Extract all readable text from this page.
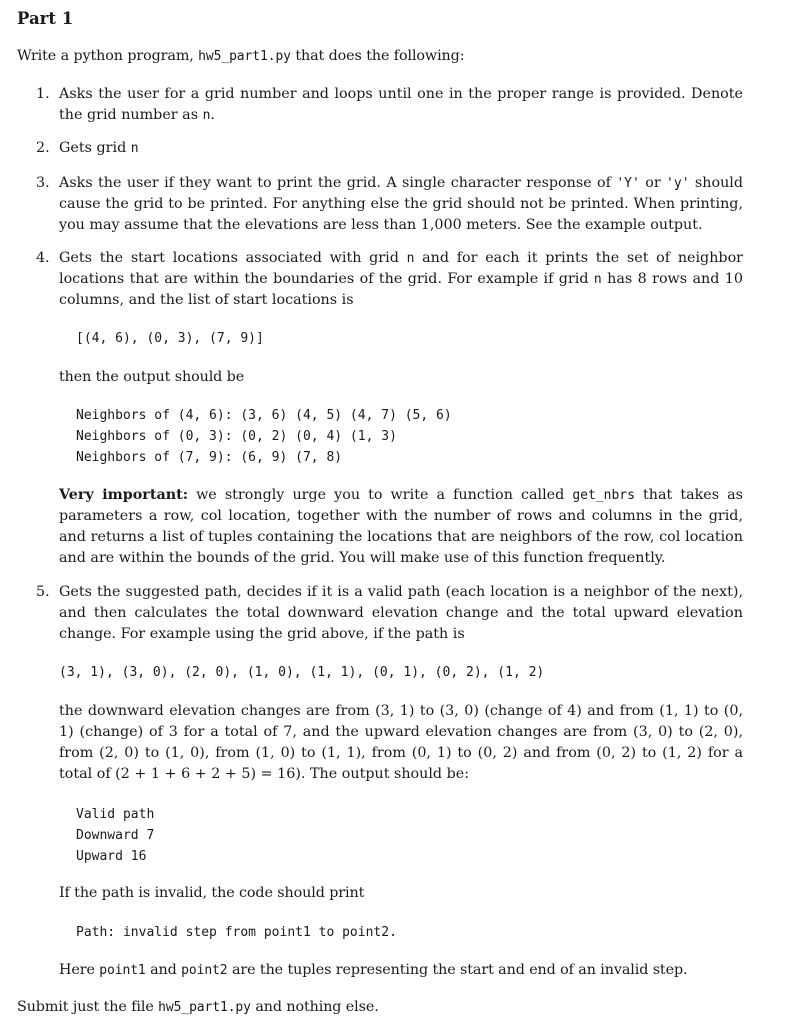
Part 1

Write a python program, hw5_part1.py that does the following:

1. Asks the user for a grid number and loops until one in the proper range is provided. Denote the grid number as n.

2. Gets grid n

3. Asks the user if they want to print the grid. A single character response of 'Y' or 'y' should cause the grid to be printed. For anything else the grid should not be printed. When printing, you may assume that the elevations are less than 1,000 meters. See the example output.

4. Gets the start locations associated with grid n and for each it prints the set of neighbor locations that are within the boundaries of the grid. For example if grid n has 8 rows and 10 columns, and the list of start locations is

[(4, 6), (0, 3), (7, 9)]

then the output should be

Neighbors of (4, 6): (3, 6) (4, 5) (4, 7) (5, 6)

Neighbors of (0, 3): (0, 2) (0, 4) (1, 3)

Neighbors of (7, 9): (6, 9) (7, 8)

Very important: we strongly urge you to write a function called get_nbrs that takes as parameters a row, col location, together with the number of rows and columns in the grid, and returns a list of tuples containing the locations that are neighbors of the row, col location and are within the bounds of the grid. You will make use of this function frequently.

5. Gets the suggested path, decides if it is a valid path (each location is a neighbor of the next), and then calculates the total downward elevation change and the total upward elevation change. For example using the grid above, if the path is

(3, 1), (3, 0), (2, 0), (1, 0), (1, 1), (0, 1), (0, 2), (1, 2)

the downward elevation changes are from (3, 1) to (3, 0) (change of 4) and from (1, 1) to (0, 1) (change) of 3 for a total of 7, and the upward elevation changes are from (3, 0) to (2, 0), from (2, 0) to (1, 0), from (1, 0) to (1, 1), from (0, 1) to (0, 2) and from (0, 2) to (1, 2) for a total of (2 + 1 + 6 + 2 + 5) = 16). The output should be:

Valid path

Downward 7

Upward 16

If the path is invalid, the code should print

Path: invalid step from point1 to point2.

Here point1 and point2 are the tuples representing the start and end of an invalid step.

Submit just the file hw5_part1.py and nothing else.
